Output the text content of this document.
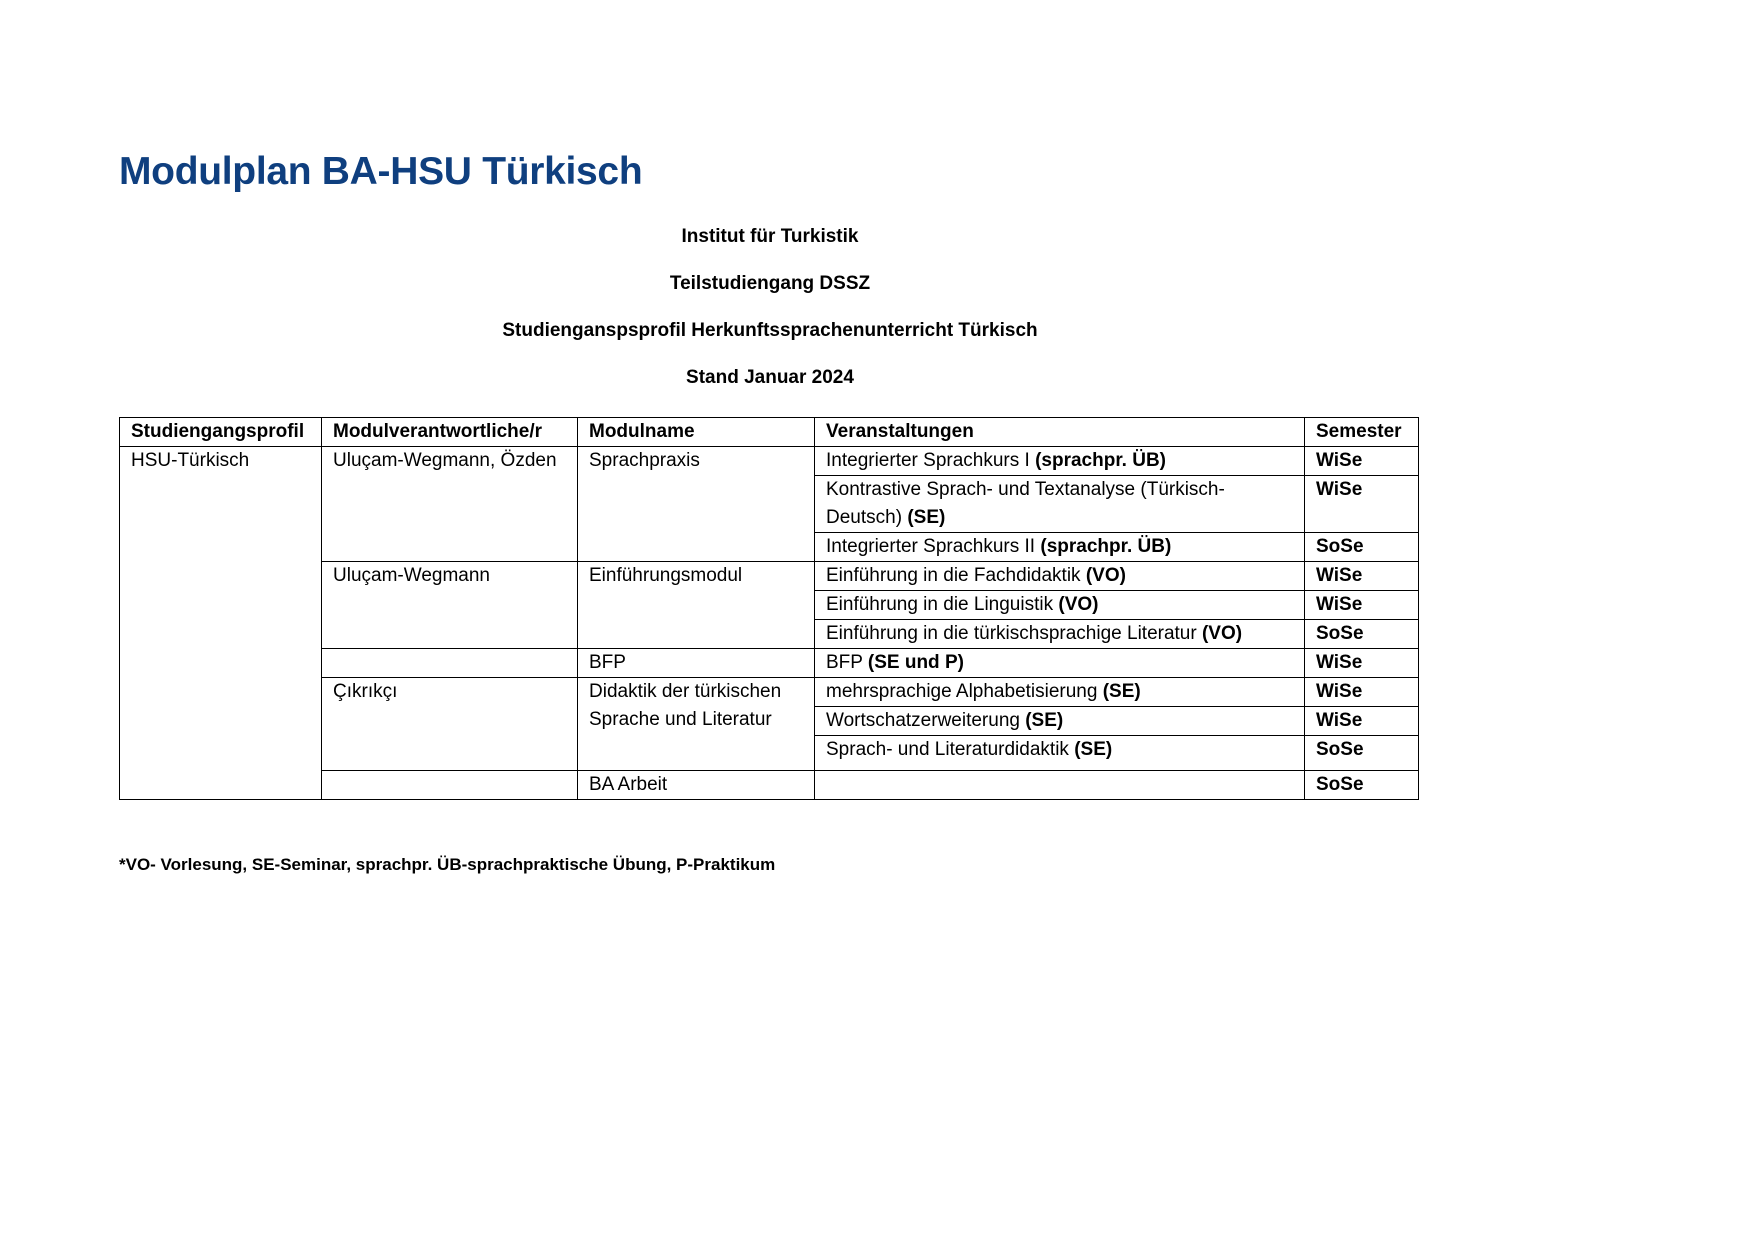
Modulplan BA-HSU Türkisch
Institut für Turkistik
Teilstudiengang DSSZ
Studienganspsprofil Herkunftssprachenunterricht Türkisch
Stand Januar 2024
Studiengangsprofil	Modulverantwortliche/r	Modulname	Veranstaltungen	Semester
HSU-Türkisch	Uluçam-Wegmann, Özden	Sprachpraxis	Integrierter Sprachkurs I (sprachpr. ÜB)	WiSe
			Kontrastive Sprach- und Textanalyse (Türkisch-Deutsch) (SE)	WiSe
			Integrierter Sprachkurs II (sprachpr. ÜB)	SoSe
	Uluçam-Wegmann	Einführungsmodul	Einführung in die Fachdidaktik (VO)	WiSe
			Einführung in die Linguistik (VO)	WiSe
			Einführung in die türkischsprachige Literatur (VO)	SoSe
		BFP	BFP (SE und P)	WiSe
	Çıkrıkçı	Didaktik der türkischen Sprache und Literatur	mehrsprachige Alphabetisierung (SE)	WiSe
			Wortschatzerweiterung (SE)	WiSe
			Sprach- und Literaturdidaktik (SE)	SoSe
		BA Arbeit		SoSe
*VO- Vorlesung, SE-Seminar, sprachpr. ÜB-sprachpraktische Übung, P-Praktikum
